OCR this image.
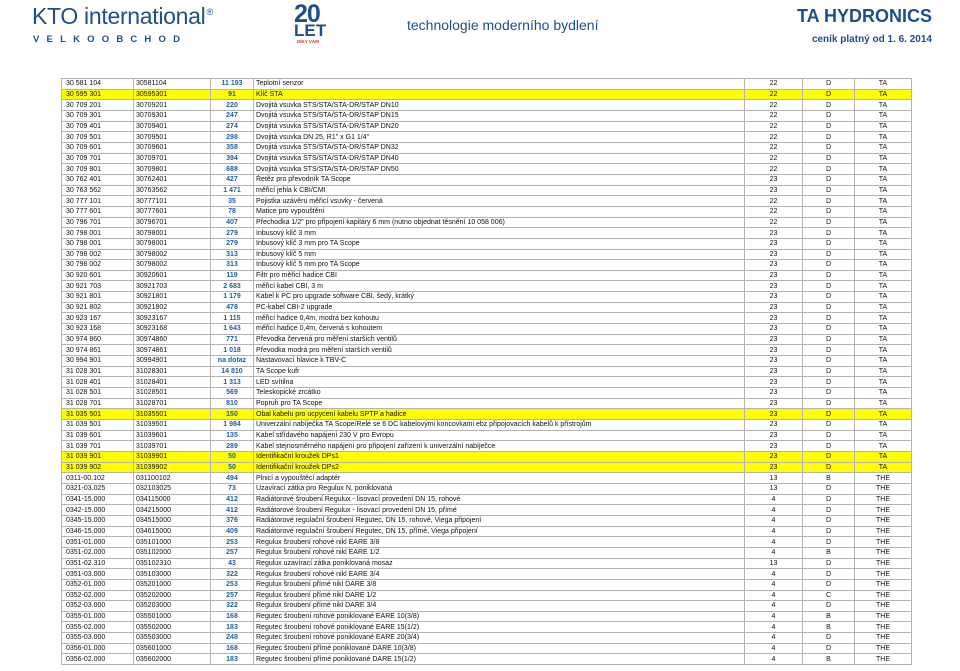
KTO international®
VELKOOBCHOD
20
LET
DÍKY VÁM
technologie moderního bydlení	TA HYDRONICS
ceník platný od 1. 6. 2014
30 581 104	30581104	11 193	Teplotní senzor	22	D	TA
30 595 301	30595301	91	Klíč STA	22	D	TA
30 709 201	30709201	220	Dvojitá vsuvka STS/STA/STA-DR/STAP DN10	22	D	TA
30 709 301	30709301	247	Dvojitá vsuvka STS/STA/STA-DR/STAP DN15	22	D	TA
30 709 401	30709401	274	Dvojitá vsuvka STS/STA/STA-DR/STAP DN20	22	D	TA
30 709 501	30709501	298	Dvojitá vsuvka DN 25, R1" x G1 1/4"	22	D	TA
30 709 601	30709601	358	Dvojitá vsuvka STS/STA/STA-DR/STAP DN32	22	D	TA
30 709 701	30709701	394	Dvojitá vsuvka STS/STA/STA-DR/STAP DN40	22	D	TA
30 709 801	30709801	688	Dvojitá vsuvka STS/STA/STA-DR/STAP DN50	22	D	TA
30 762 401	30762401	427	Řetěz pro převodník TA Scope	23	D	TA
30 763 562	30763562	1 471	měřicí jehla k CBI/CMI	23	D	TA
30 777 101	30777101	35	Pojistka uzávěru měřicí vsuvky - červená	22	D	TA
30 777 601	30777601	78	Matice pro vypouštění	22	D	TA
30 796 701	30796701	407	Přechodka 1/2" pro připojení kapiláry 6 mm (nutno objednat těsnění 10 058 006)	22	D	TA
30 798 001	30798001	279	Inbusový klíč 3 mm	23	D	TA
30 798 001	30798001	279	Inbusový klíč 3 mm pro TA Scope	23	D	TA
30 798 002	30798002	313	Inbusový klíč 5 mm	23	D	TA
30 798 002	30798002	313	Inbusový klíč 5 mm pro TA Scope	23	D	TA
30 920 601	30920601	119	Filtr pro měřicí hadice CBI	23	D	TA
30 921 703	30921703	2 683	měřicí kabel CBI, 3 m	23	D	TA
30 921 801	30921801	1 179	Kabel k PC pro upgrade software CBI, šedý, krátký	23	D	TA
30 921 802	30921802	478	PC-kabel CBI-2 upgrade	23	D	TA
30 923 167	30923167	1 115	měřicí hadice 0,4m, modrá bez kohoutu	23	D	TA
30 923 168	30923168	1 643	měřicí hadice 0,4m, červená s kohoutem	23	D	TA
30 974 860	30974860	771	Převodka červená pro měření starších ventilů	23	D	TA
30 974 861	30974861	1 018	Převodka modrá pro měření starších ventilů	23	D	TA
30 994 901	30994901	na dotaz	Nastavovací hlavice k TBV-C	23	D	TA
31 028 301	31028301	14 810	TA Scope kufr	23	D	TA
31 028 401	31028401	1 313	LED svítilna	23	D	TA
31 028 501	31028501	569	Teleskopické zrcátko	23	D	TA
31 028 701	31028701	810	Popruh pro TA Scope	23	D	TA
31 035 501	31035501	150	Obal kabelu pro ucpycení kabelu SPTP a hadice	23	D	TA
31 039 501	31039501	1 984	Univerzální nabíječka TA Scope/Relé se 6 DC kabelovými koncovkami ebz připojovacích kabelů k přístrojům	23	D	TA
31 039 601	31039601	135	Kabel střídavého napájení 230 V pro Evropu	23	D	TA
31 039 701	31039701	289	Kabel stejnosměrného napájení pro připojení zařízení k univerzální nabíječce	23	D	TA
31 039 901	31039901	50	Identifikační kroužek DPs1	23	D	TA
31 039 902	31039902	50	Identifikační kroužek DPs2	23	D	TA
0311-00.102	031100102	494	Plnicí a vypouštěcí adaptér	13	B	THE
0321-03.025	032103025	73	Uzavírací zátka pro Regulux N, poniklovaná	13	D	THE
0341-15.000	034115000	412	Radiátorové šroubení Regulux - lisovací provedení DN 15, rohové	4	D	THE
0342-15.000	034215000	412	Radiátorové šroubení Regulux - lisovací provedení DN 15, přímé	4	D	THE
0345-15.000	034515000	376	Radiátorové regulační šroubení Regutec, DN 15, rohové, Viega připojení	4	D	THE
0346-15.000	034615000	409	Radiátorové regulační šroubení Regutec, DN 15, přímé, Viega připojení	4	D	THE
0351-01.000	035101000	253	Regulux šroubení rohové nikl EARE 3/8	4	D	THE
0351-02.000	035102000	257	Regulux šroubení rohové nikl EARE 1/2	4	B	THE
0351-02.310	035102310	43	Regulux uzavírací zátka poniklovaná mosaz	13	D	THE
0351-03.000	035103000	322	Regulux šroubení rohové nikl EARE 3/4	4	D	THE
0352-01.000	035201000	253	Regulux šroubení přímé nikl DARE 3/8	4	D	THE
0352-02.000	035202000	257	Regulux šroubení přímé nikl DARE 1/2	4	C	THE
0352-03.000	035203000	322	Regulux šroubení přímé nikl DARE 3/4	4	D	THE
0355-01.000	035501000	168	Regutec šroubení rohové poniklované EARE 10(3/8)	4	B	THE
0355-02.000	035502000	183	Regutec šroubení rohové poniklované EARE 15(1/2)	4	B	THE
0355-03.000	035503000	248	Regutec šroubení rohové poniklované EARE 20(3/4)	4	D	THE
0356-01.000	035601000	168	Regutec šroubení přímé poniklované DARE 10(3/8)	4	D	THE
0356-02.000	035602000	183	Regutec šroubení přímé poniklované DARE 15(1/2)	4	B	THE
